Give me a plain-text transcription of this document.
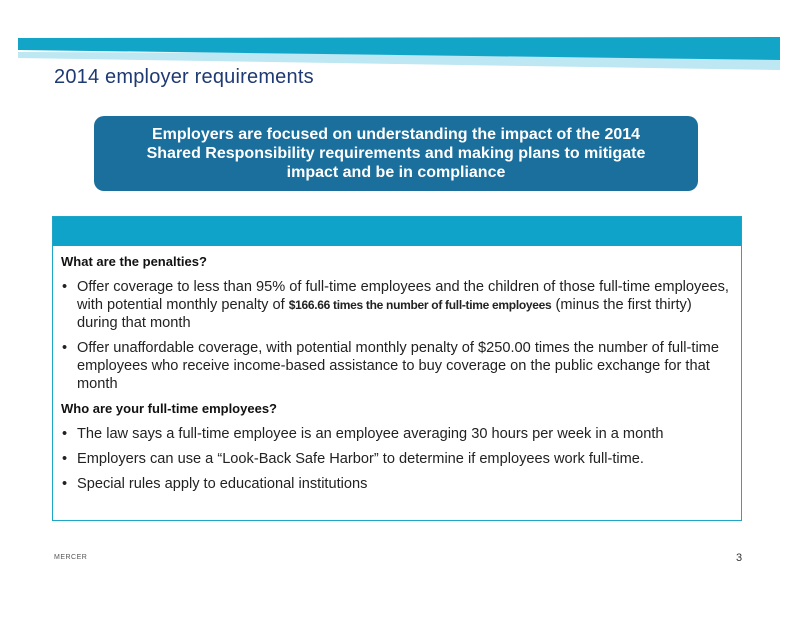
2014 employer requirements
Employers are focused on understanding the impact of the 2014 Shared Responsibility requirements and making plans to mitigate impact and be in compliance
What are the penalties?
• Offer coverage to less than 95% of full-time employees and the children of those full-time employees, with potential monthly penalty of $166.66 times the number of full-time employees (minus the first thirty) during that month
• Offer unaffordable coverage, with potential monthly penalty of $250.00 times the number of full-time employees who receive income-based assistance to buy coverage on the public exchange for that month
Who are your full-time employees?
• The law says a full-time employee is an employee averaging 30 hours per week in a month
• Employers can use a “Look-Back Safe Harbor” to determine if employees work full-time.
• Special rules apply to educational institutions
MERCER	3
